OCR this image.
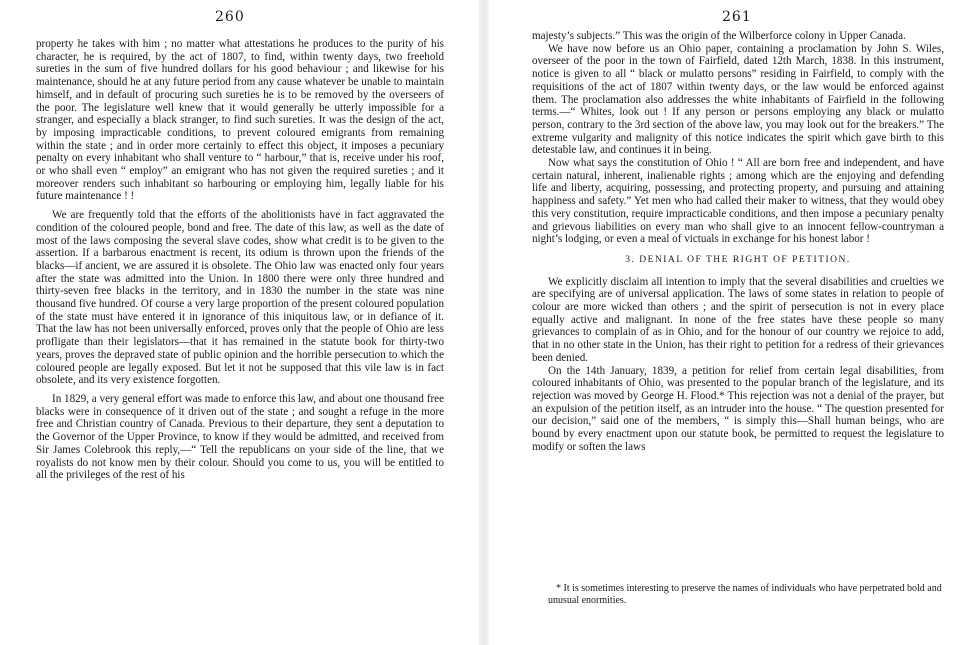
260

property he takes with him ; no matter what attestations he produces to the purity of his character, he is required, by the act of 1807, to find, within twenty days, two freehold sureties in the sum of five hundred dollars for his good behaviour ; and likewise for his maintenance, should he at any future period from any cause whatever be unable to maintain himself, and in default of procuring such sureties he is to be removed by the overseers of the poor. The legislature well knew that it would generally be utterly impossible for a stranger, and especially a black stranger, to find such sureties. It was the design of the act, by imposing impracticable conditions, to prevent coloured emigrants from remaining within the state ; and in order more certainly to effect this object, it imposes a pecuniary penalty on every inhabitant who shall venture to “ harbour,” that is, receive under his roof, or who shall even “ employ” an emigrant who has not given the required sureties ; and it moreover renders such inhabitant so harbouring or employing him, legally liable for his future maintenance ! !

We are frequently told that the efforts of the abolitionists have in fact aggravated the condition of the coloured people, bond and free. The date of this law, as well as the date of most of the laws composing the several slave codes, show what credit is to be given to the assertion. If a barbarous enactment is recent, its odium is thrown upon the friends of the blacks—if ancient, we are assured it is obsolete. The Ohio law was enacted only four years after the state was admitted into the Union. In 1800 there were only three hundred and thirty-seven free blacks in the territory, and in 1830 the number in the state was nine thousand five hundred. Of course a very large proportion of the present coloured population of the state must have entered it in ignorance of this iniquitous law, or in defiance of it. That the law has not been universally enforced, proves only that the people of Ohio are less profligate than their legislators—that it has remained in the statute book for thirty-two years, proves the depraved state of public opinion and the horrible persecution to which the coloured people are legally exposed. But let it not be supposed that this vile law is in fact obsolete, and its very existence forgotten.

In 1829, a very general effort was made to enforce this law, and about one thousand free blacks were in consequence of it driven out of the state ; and sought a refuge in the more free and Christian country of Canada. Previous to their departure, they sent a deputation to the Governor of the Upper Province, to know if they would be admitted, and received from Sir James Colebrook this reply,—“ Tell the republicans on your side of the line, that we royalists do not know men by their colour. Should you come to us, you will be entitled to all the privileges of the rest of his

261

majesty’s subjects.” This was the origin of the Wilberforce colony in Upper Canada.

We have now before us an Ohio paper, containing a proclamation by John S. Wiles, overseer of the poor in the town of Fairfield, dated 12th March, 1838. In this instrument, notice is given to all “ black or mulatto persons” residing in Fairfield, to comply with the requisitions of the act of 1807 within twenty days, or the law would be enforced against them. The proclamation also addresses the white inhabitants of Fairfield in the following terms.—“ Whites, look out ! If any person or persons employing any black or mulatto person, contrary to the 3rd section of the above law, you may look out for the breakers.” The extreme vulgarity and malignity of this notice indicates the spirit which gave birth to this detestable law, and continues it in being.

Now what says the constitution of Ohio ! “ All are born free and independent, and have certain natural, inherent, inalienable rights ; among which are the enjoying and defending life and liberty, acquiring, possessing, and protecting property, and pursuing and attaining happiness and safety.” Yet men who had called their maker to witness, that they would obey this very constitution, require impracticable conditions, and then impose a pecuniary penalty and grievous liabilities on every man who shall give to an innocent fellow-countryman a night’s lodging, or even a meal of victuals in exchange for his honest labor !

3. DENIAL OF THE RIGHT OF PETITION.

We explicitly disclaim all intention to imply that the several disabilities and cruelties we are specifying are of universal application. The laws of some states in relation to people of colour are more wicked than others ; and the spirit of persecution is not in every place equally active and malignant. In none of the free states have these people so many grievances to complain of as in Ohio, and for the honour of our country we rejoice to add, that in no other state in the Union, has their right to petition for a redress of their grievances been denied.

On the 14th January, 1839, a petition for relief from certain legal disabilities, from coloured inhabitants of Ohio, was presented to the popular branch of the legislature, and its rejection was moved by George H. Flood.* This rejection was not a denial of the prayer, but an expulsion of the petition itself, as an intruder into the house. “ The question presented for our decision,” said one of the members, “ is simply this—Shall human beings, who are bound by every enactment upon our statute book, be permitted to request the legislature to modify or soften the laws

* It is sometimes interesting to preserve the names of individuals who have perpetrated bold and unusual enormities.
